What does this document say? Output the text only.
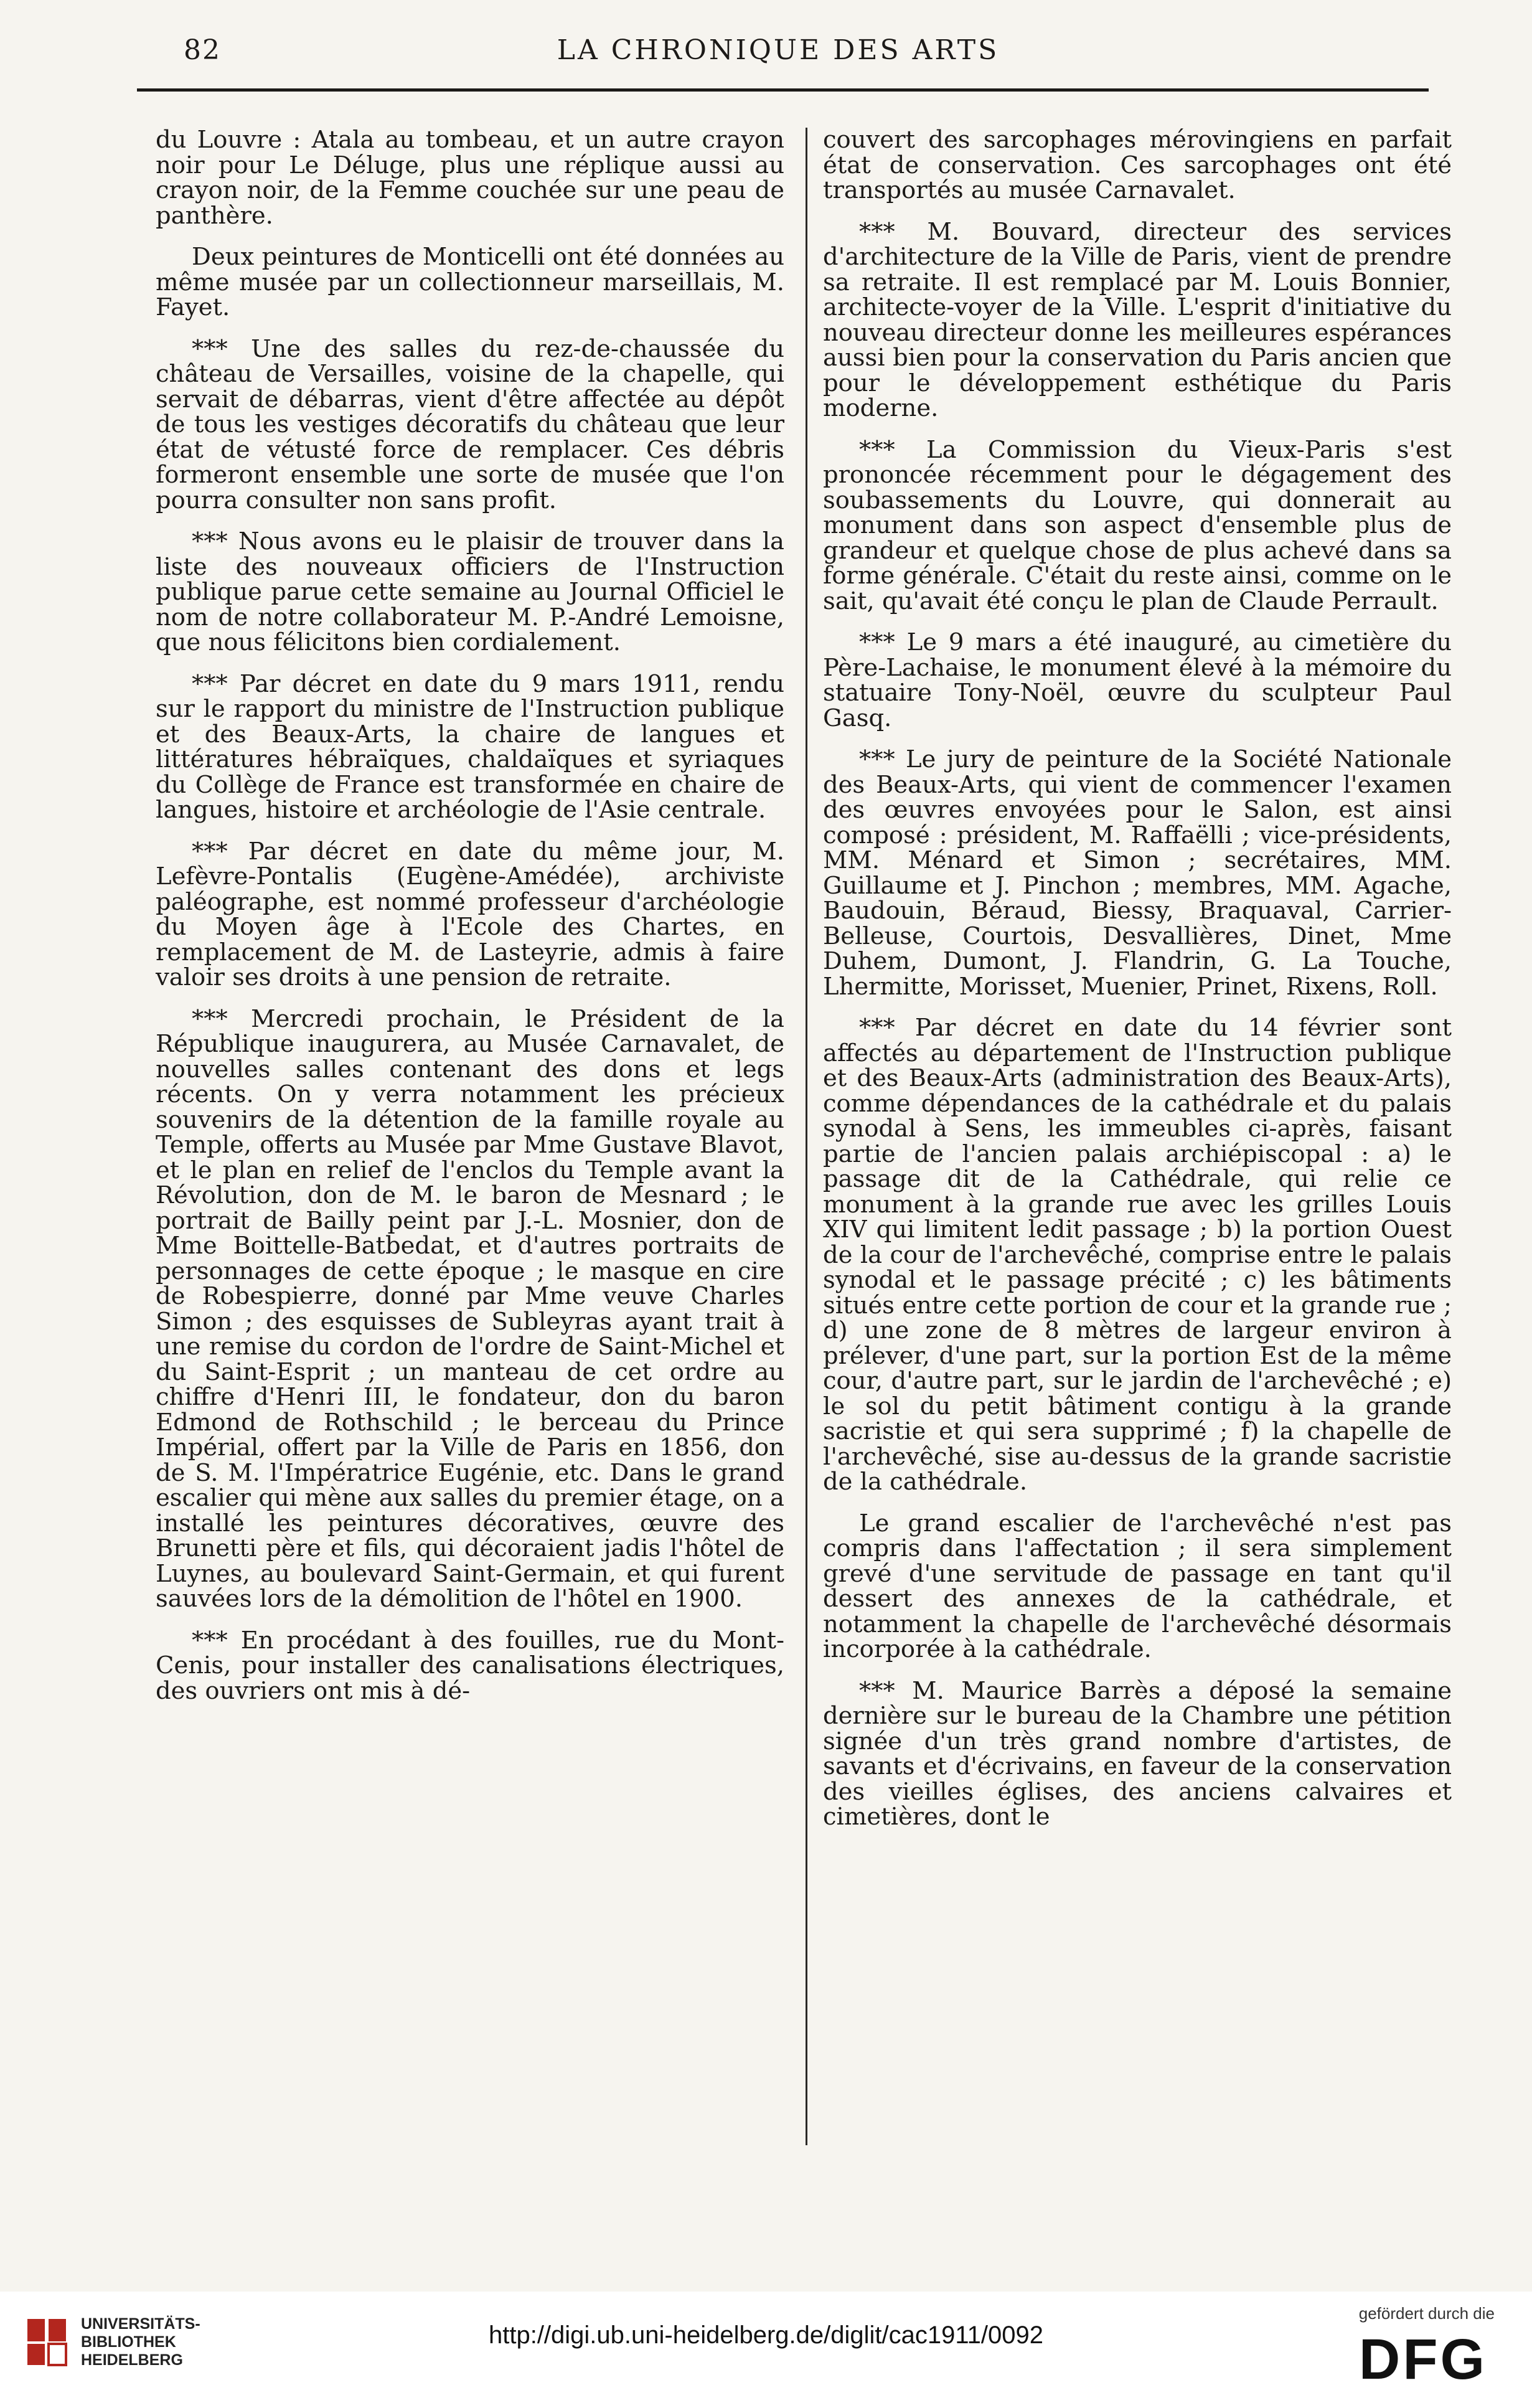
82	LA CHRONIQUE DES ARTS

du Louvre : Atala au tombeau, et un autre crayon noir pour Le Déluge, plus une réplique aussi au crayon noir, de la Femme couchée sur une peau de panthère.

Deux peintures de Monticelli ont été données au même musée par un collectionneur marseillais, M. Fayet.

*** Une des salles du rez-de-chaussée du château de Versailles, voisine de la chapelle, qui servait de débarras, vient d'être affectée au dépôt de tous les vestiges décoratifs du château que leur état de vétusté force de remplacer. Ces débris formeront ensemble une sorte de musée que l'on pourra consulter non sans profit.

*** Nous avons eu le plaisir de trouver dans la liste des nouveaux officiers de l'Instruction publique parue cette semaine au Journal Officiel le nom de notre collaborateur M. P.-André Lemoisne, que nous félicitons bien cordialement.

*** Par décret en date du 9 mars 1911, rendu sur le rapport du ministre de l'Instruction publique et des Beaux-Arts, la chaire de langues et littératures hébraïques, chaldaïques et syriaques du Collège de France est transformée en chaire de langues, histoire et archéologie de l'Asie centrale.

*** Par décret en date du même jour, M. Lefèvre-Pontalis (Eugène-Amédée), archiviste paléographe, est nommé professeur d'archéologie du Moyen âge à l'Ecole des Chartes, en remplacement de M. de Lasteyrie, admis à faire valoir ses droits à une pension de retraite.

*** Mercredi prochain, le Président de la République inaugurera, au Musée Carnavalet, de nouvelles salles contenant des dons et legs récents. On y verra notamment les précieux souvenirs de la détention de la famille royale au Temple, offerts au Musée par Mme Gustave Blavot, et le plan en relief de l'enclos du Temple avant la Révolution, don de M. le baron de Mesnard ; le portrait de Bailly peint par J.-L. Mosnier, don de Mme Boittelle-Batbedat, et d'autres portraits de personnages de cette époque ; le masque en cire de Robespierre, donné par Mme veuve Charles Simon ; des esquisses de Subleyras ayant trait à une remise du cordon de l'ordre de Saint-Michel et du Saint-Esprit ; un manteau de cet ordre au chiffre d'Henri III, le fondateur, don du baron Edmond de Rothschild ; le berceau du Prince Impérial, offert par la Ville de Paris en 1856, don de S. M. l'Impératrice Eugénie, etc. Dans le grand escalier qui mène aux salles du premier étage, on a installé les peintures décoratives, œuvre des Brunetti père et fils, qui décoraient jadis l'hôtel de Luynes, au boulevard Saint-Germain, et qui furent sauvées lors de la démolition de l'hôtel en 1900.

*** En procédant à des fouilles, rue du Mont-Cenis, pour installer des canalisations électriques, des ouvriers ont mis à dé-

couvert des sarcophages mérovingiens en parfait état de conservation. Ces sarcophages ont été transportés au musée Carnavalet.

*** M. Bouvard, directeur des services d'architecture de la Ville de Paris, vient de prendre sa retraite. Il est remplacé par M. Louis Bonnier, architecte-voyer de la Ville. L'esprit d'initiative du nouveau directeur donne les meilleures espérances aussi bien pour la conservation du Paris ancien que pour le développement esthétique du Paris moderne.

*** La Commission du Vieux-Paris s'est prononcée récemment pour le dégagement des soubassements du Louvre, qui donnerait au monument dans son aspect d'ensemble plus de grandeur et quelque chose de plus achevé dans sa forme générale. C'était du reste ainsi, comme on le sait, qu'avait été conçu le plan de Claude Perrault.

*** Le 9 mars a été inauguré, au cimetière du Père-Lachaise, le monument élevé à la mémoire du statuaire Tony-Noël, œuvre du sculpteur Paul Gasq.

*** Le jury de peinture de la Société Nationale des Beaux-Arts, qui vient de commencer l'examen des œuvres envoyées pour le Salon, est ainsi composé : président, M. Raffaëlli ; vice-présidents, MM. Ménard et Simon ; secrétaires, MM. Guillaume et J. Pinchon ; membres, MM. Agache, Baudouin, Béraud, Biessy, Braquaval, Carrier-Belleuse, Courtois, Desvallières, Dinet, Mme Duhem, Dumont, J. Flandrin, G. La Touche, Lhermitte, Morisset, Muenier, Prinet, Rixens, Roll.

*** Par décret en date du 14 février sont affectés au département de l'Instruction publique et des Beaux-Arts (administration des Beaux-Arts), comme dépendances de la cathédrale et du palais synodal à Sens, les immeubles ci-après, faisant partie de l'ancien palais archiépiscopal : a) le passage dit de la Cathédrale, qui relie ce monument à la grande rue avec les grilles Louis XIV qui limitent ledit passage ; b) la portion Ouest de la cour de l'archevêché, comprise entre le palais synodal et le passage précité ; c) les bâtiments situés entre cette portion de cour et la grande rue ; d) une zone de 8 mètres de largeur environ à prélever, d'une part, sur la portion Est de la même cour, d'autre part, sur le jardin de l'archevêché ; e) le sol du petit bâtiment contigu à la grande sacristie et qui sera supprimé ; f) la chapelle de l'archevêché, sise au-dessus de la grande sacristie de la cathédrale.

Le grand escalier de l'archevêché n'est pas compris dans l'affectation ; il sera simplement grevé d'une servitude de passage en tant qu'il dessert des annexes de la cathédrale, et notamment la chapelle de l'archevêché désormais incorporée à la cathédrale.

*** M. Maurice Barrès a déposé la semaine dernière sur le bureau de la Chambre une pétition signée d'un très grand nombre d'artistes, de savants et d'écrivains, en faveur de la conservation des vieilles églises, des anciens calvaires et cimetières, dont le

UNIVERSITÄTS-
BIBLIOTHEK
HEIDELBERG
http://digi.ub.uni-heidelberg.de/diglit/cac1911/0092
gefördert durch die
DFG
